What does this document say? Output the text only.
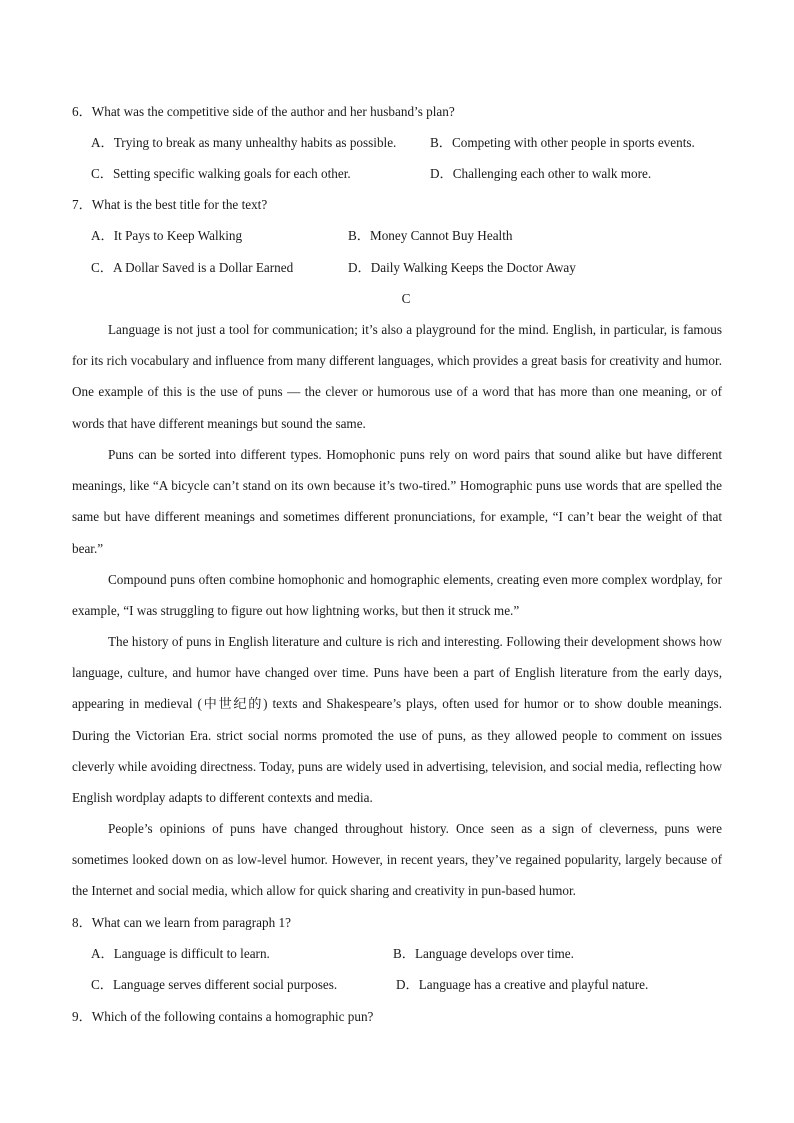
6．What was the competitive side of the author and her husband’s plan?
A．Trying to break as many unhealthy habits as possible.	B．Competing with other people in sports events.
C．Setting specific walking goals for each other.	D．Challenging each other to walk more.
7．What is the best title for the text?
A．It Pays to Keep Walking	B．Money Cannot Buy Health
C．A Dollar Saved is a Dollar Earned	D．Daily Walking Keeps the Doctor Away
C

Language is not just a tool for communication; it’s also a playground for the mind. English, in particular, is famous for its rich vocabulary and influence from many different languages, which provides a great basis for creativity and humor. One example of this is the use of puns — the clever or humorous use of a word that has more than one meaning, or of words that have different meanings but sound the same.

Puns can be sorted into different types. Homophonic puns rely on word pairs that sound alike but have different meanings, like “A bicycle can’t stand on its own because it’s two-tired.” Homographic puns use words that are spelled the same but have different meanings and sometimes different pronunciations, for example, “I can’t bear the weight of that bear.”

Compound puns often combine homophonic and homographic elements, creating even more complex wordplay, for example, “I was struggling to figure out how lightning works, but then it struck me.”

The history of puns in English literature and culture is rich and interesting. Following their development shows how language, culture, and humor have changed over time. Puns have been a part of English literature from the early days, appearing in medieval (中世纪的) texts and Shakespeare’s plays, often used for humor or to show double meanings. During the Victorian Era. strict social norms promoted the use of puns, as they allowed people to comment on issues cleverly while avoiding directness. Today, puns are widely used in advertising, television, and social media, reflecting how English wordplay adapts to different contexts and media.

People’s opinions of puns have changed throughout history. Once seen as a sign of cleverness, puns were sometimes looked down on as low-level humor. However, in recent years, they’ve regained popularity, largely because of the Internet and social media, which allow for quick sharing and creativity in pun-based humor.

8．What can we learn from paragraph 1?
A．Language is difficult to learn.	B．Language develops over time.
C．Language serves different social purposes.	D．Language has a creative and playful nature.
9．Which of the following contains a homographic pun?
